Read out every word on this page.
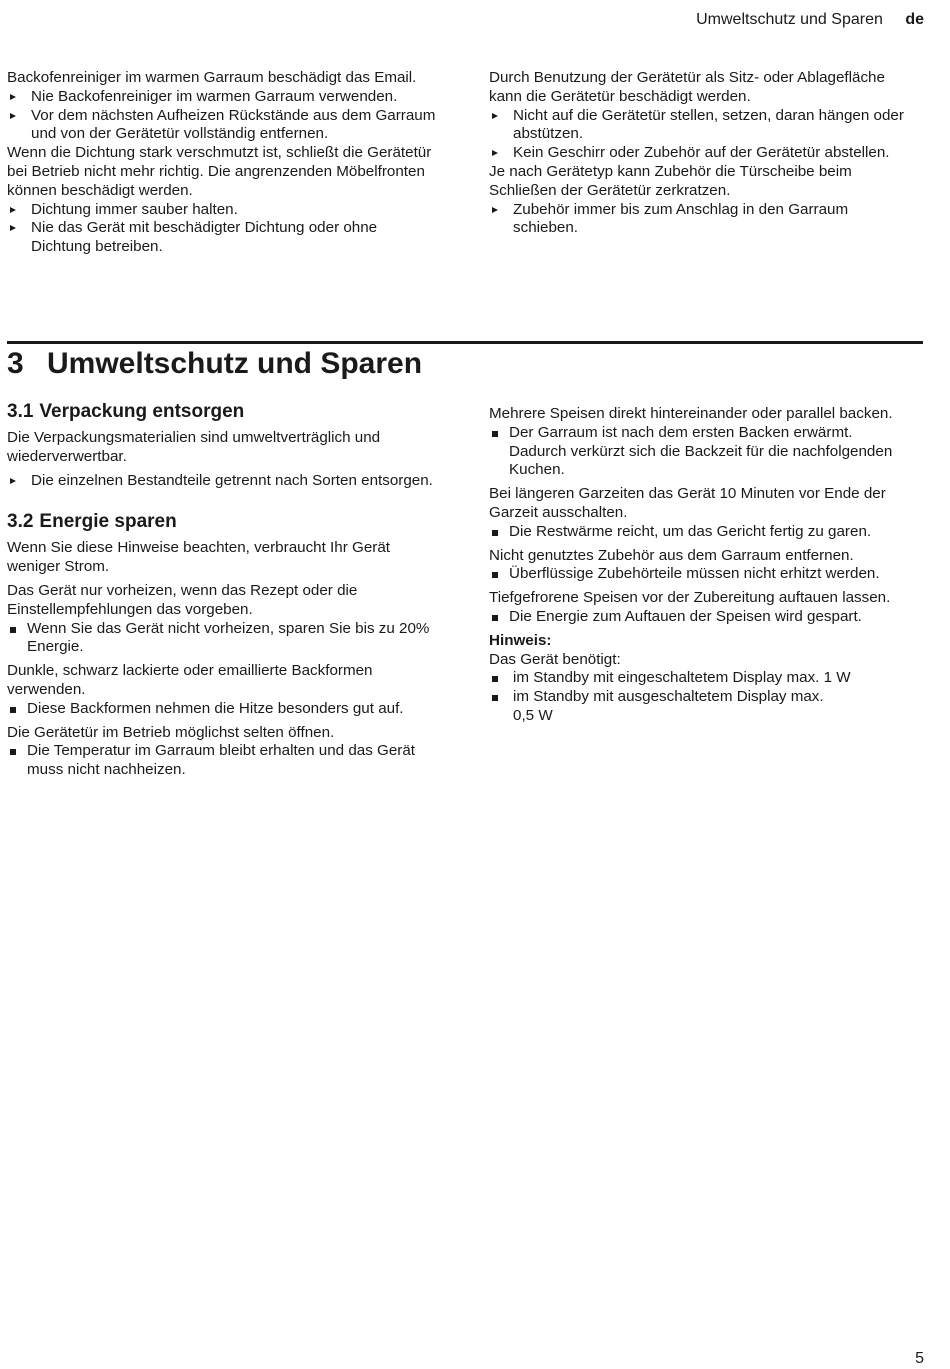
Umweltschutz und Sparen de

Backofenreiniger im warmen Garraum beschädigt das Email.

Nie Backofenreiniger im warmen Garraum verwenden.

Vor dem nächsten Aufheizen Rückstände aus dem Garraum und von der Gerätetür vollständig entfernen.

Wenn die Dichtung stark verschmutzt ist, schließt die Gerätetür bei Betrieb nicht mehr richtig. Die angrenzenden Möbelfronten können beschädigt werden.

Dichtung immer sauber halten.

Nie das Gerät mit beschädigter Dichtung oder ohne Dichtung betreiben.

Durch Benutzung der Gerätetür als Sitz- oder Ablagefläche kann die Gerätetür beschädigt werden.

Nicht auf die Gerätetür stellen, setzen, daran hängen oder abstützen.

Kein Geschirr oder Zubehör auf der Gerätetür abstellen.

Je nach Gerätetyp kann Zubehör die Türscheibe beim Schließen der Gerätetür zerkratzen.

Zubehör immer bis zum Anschlag in den Garraum schieben.

3 Umweltschutz und Sparen
3.1 Verpackung entsorgen

Die Verpackungsmaterialien sind umweltverträglich und wiederverwertbar.

Die einzelnen Bestandteile getrennt nach Sorten entsorgen.

3.2 Energie sparen

Wenn Sie diese Hinweise beachten, verbraucht Ihr Gerät weniger Strom.

Das Gerät nur vorheizen, wenn das Rezept oder die Einstellempfehlungen das vorgeben.

Wenn Sie das Gerät nicht vorheizen, sparen Sie bis zu 20% Energie.

Dunkle, schwarz lackierte oder emaillierte Backformen verwenden.

Diese Backformen nehmen die Hitze besonders gut auf.

Die Gerätetür im Betrieb möglichst selten öffnen.

Die Temperatur im Garraum bleibt erhalten und das Gerät muss nicht nachheizen.

Mehrere Speisen direkt hintereinander oder parallel backen.

Der Garraum ist nach dem ersten Backen erwärmt. Dadurch verkürzt sich die Backzeit für die nachfolgenden Kuchen.

Bei längeren Garzeiten das Gerät 10 Minuten vor Ende der Garzeit ausschalten.

Die Restwärme reicht, um das Gericht fertig zu garen.

Nicht genutztes Zubehör aus dem Garraum entfernen.

Überflüssige Zubehörteile müssen nicht erhitzt werden.

Tiefgefrorene Speisen vor der Zubereitung auftauen lassen.

Die Energie zum Auftauen der Speisen wird gespart.

Hinweis:

Das Gerät benötigt:

im Standby mit eingeschaltetem Display max. 1 W

im Standby mit ausgeschaltetem Display max. 0,5 W

5
